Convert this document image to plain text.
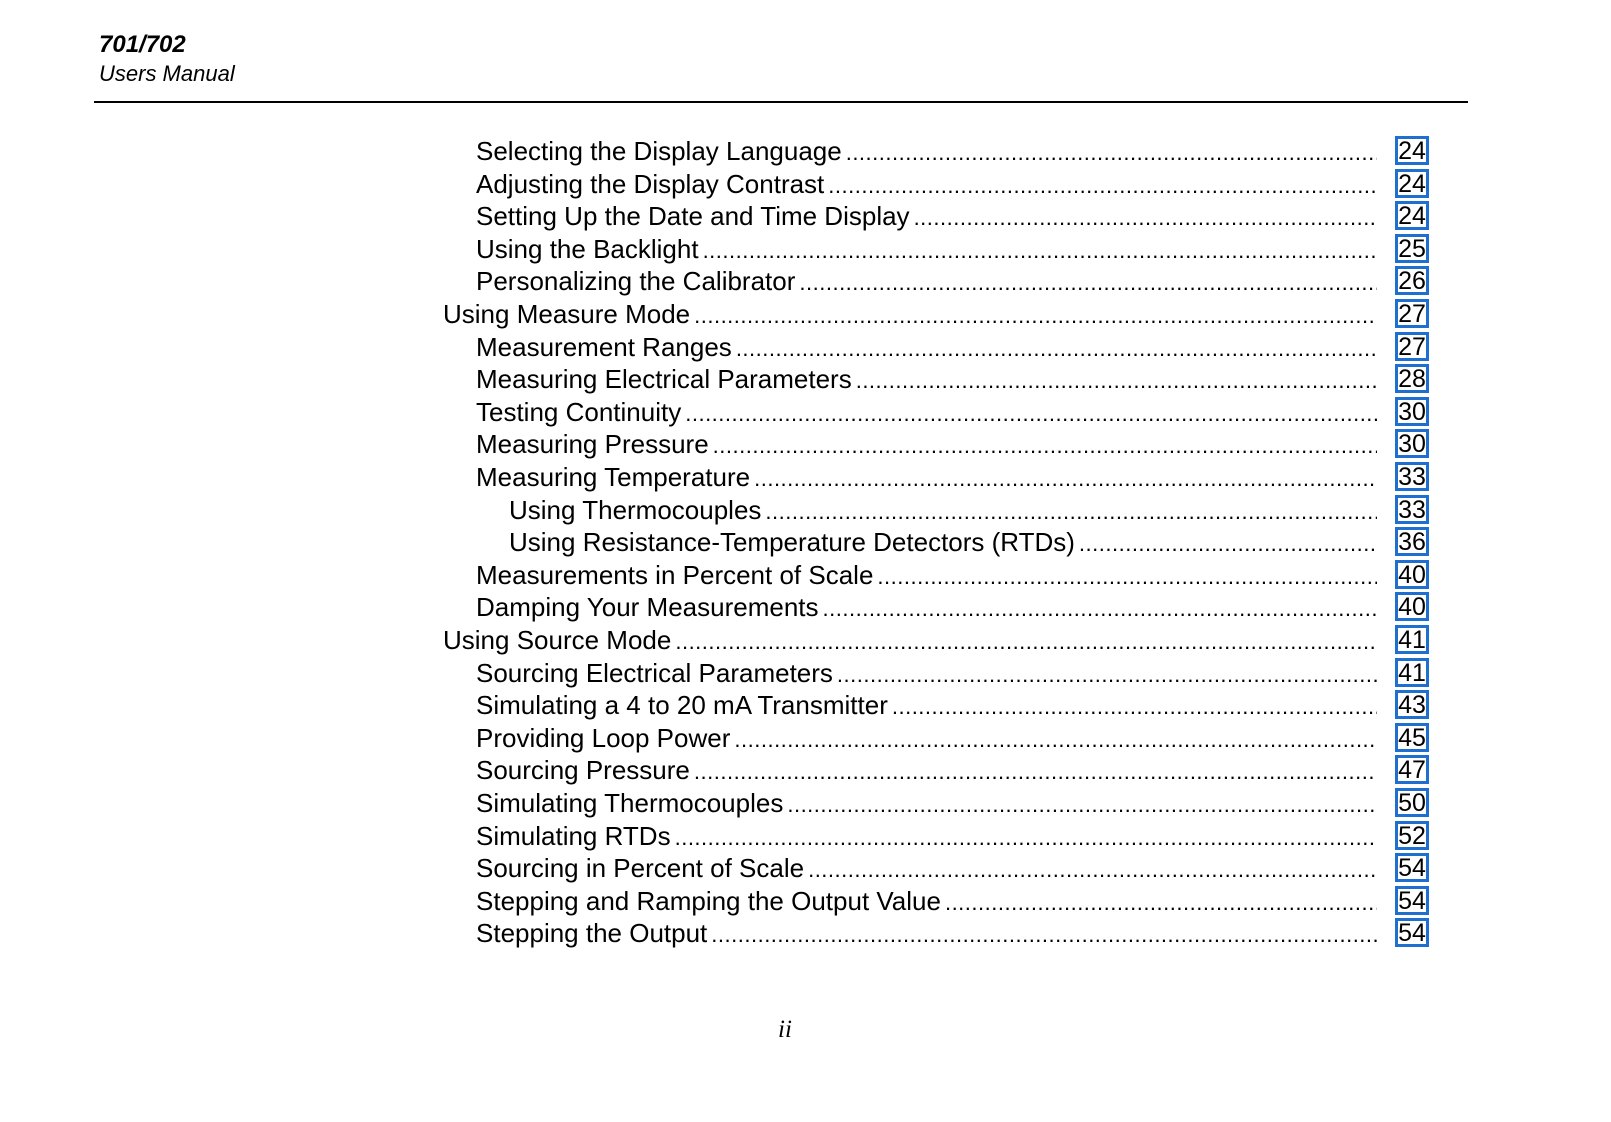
701/702
Users Manual
Selecting the Display Language .....	24
Adjusting the Display Contrast .....	24
Setting Up the Date and Time Display .....	24
Using the Backlight .....	25
Personalizing the Calibrator .....	26
Using Measure Mode .....	27
Measurement Ranges .....	27
Measuring Electrical Parameters .....	28
Testing Continuity .....	30
Measuring Pressure .....	30
Measuring Temperature .....	33
Using Thermocouples .....	33
Using Resistance-Temperature Detectors (RTDs) .....	36
Measurements in Percent of Scale .....	40
Damping Your Measurements .....	40
Using Source Mode .....	41
Sourcing Electrical Parameters .....	41
Simulating a 4 to 20 mA Transmitter .....	43
Providing Loop Power .....	45
Sourcing Pressure .....	47
Simulating Thermocouples .....	50
Simulating RTDs .....	52
Sourcing in Percent of Scale .....	54
Stepping and Ramping the Output Value .....	54
Stepping the Output .....	54
ii
